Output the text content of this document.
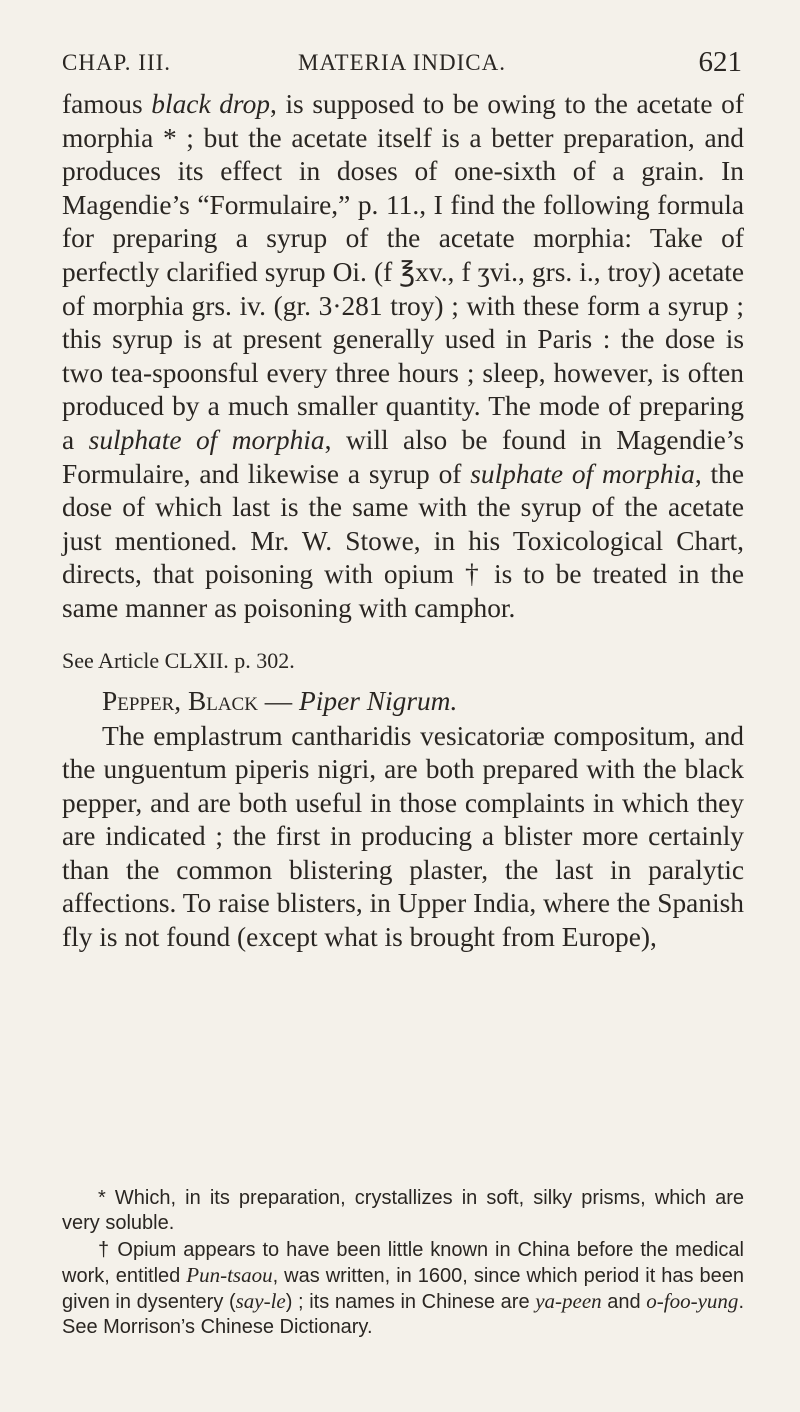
CHAP. III.	MATERIA INDICA.	621

famous black drop, is supposed to be owing to the acetate of morphia * ; but the acetate itself is a better preparation, and produces its effect in doses of one-sixth of a grain. In Magendie’s “Formulaire,” p. 11., I find the following formula for preparing a syrup of the acetate morphia: Take of perfectly clarified syrup Oi. (f ℥xv., f ʒvi., grs. i., troy) acetate of morphia grs. iv. (gr. 3·281 troy) ; with these form a syrup ; this syrup is at present generally used in Paris : the dose is two tea-spoonsful every three hours ; sleep, however, is often produced by a much smaller quantity. The mode of preparing a sulphate of morphia, will also be found in Magendie’s Formulaire, and likewise a syrup of sulphate of morphia, the dose of which last is the same with the syrup of the acetate just mentioned. Mr. W. Stowe, in his Toxicological Chart, directs, that poisoning with opium † is to be treated in the same manner as poisoning with camphor.

See Article CLXII. p. 302.

Pepper, Black — Piper Nigrum.

The emplastrum cantharidis vesicatoriæ compositum, and the unguentum piperis nigri, are both prepared with the black pepper, and are both useful in those complaints in which they are indicated ; the first in producing a blister more certainly than the common blistering plaster, the last in paralytic affections. To raise blisters, in Upper India, where the Spanish fly is not found (except what is brought from Europe),

* Which, in its preparation, crystallizes in soft, silky prisms, which are very soluble.

† Opium appears to have been little known in China before the medical work, entitled Pun-tsaou, was written, in 1600, since which period it has been given in dysentery (say-le) ; its names in Chinese are ya-peen and o-foo-yung. See Morrison’s Chinese Dictionary.
